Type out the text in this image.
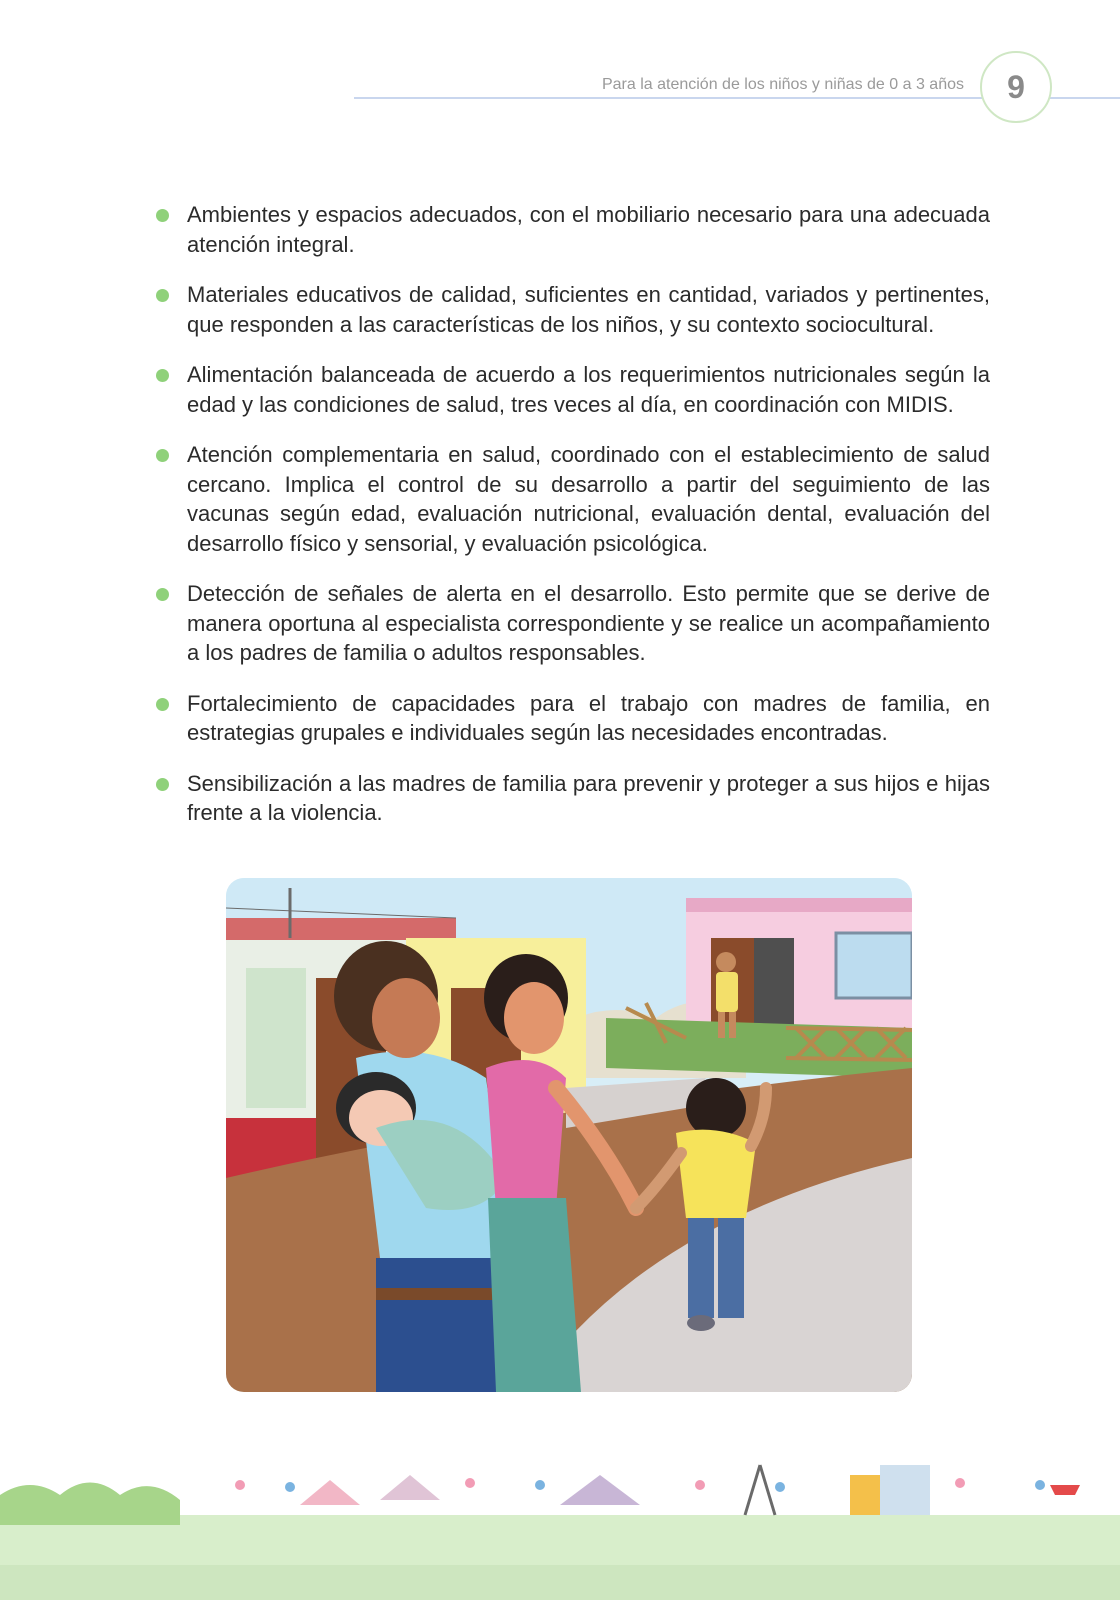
Para la atención de los niños y niñas de 0 a 3 años	9
Ambientes y espacios adecuados, con el mobiliario necesario para una adecuada atención integral.
Materiales educativos de calidad, suficientes en cantidad, variados y pertinentes, que responden a las características de los niños, y su contexto sociocultural.
Alimentación balanceada de acuerdo a los requerimientos nutricionales según la edad y las condiciones de salud, tres veces al día, en coordinación con MIDIS.
Atención complementaria en salud, coordinado con el establecimiento de salud cercano. Implica el control de su desarrollo a partir del seguimiento de las vacunas según edad, evaluación nutricional, evaluación dental, evaluación del desarrollo físico y sensorial, y evaluación psicológica.
Detección de señales de alerta en el desarrollo. Esto permite que se derive de manera oportuna al especialista correspondiente y se realice un acompañamiento a los padres de familia o adultos responsables.
Fortalecimiento de capacidades para el trabajo con madres de familia, en estrategias grupales e individuales según las necesidades encontradas.
Sensibilización a las madres de familia para prevenir y proteger a sus hijos e hijas frente a la violencia.
